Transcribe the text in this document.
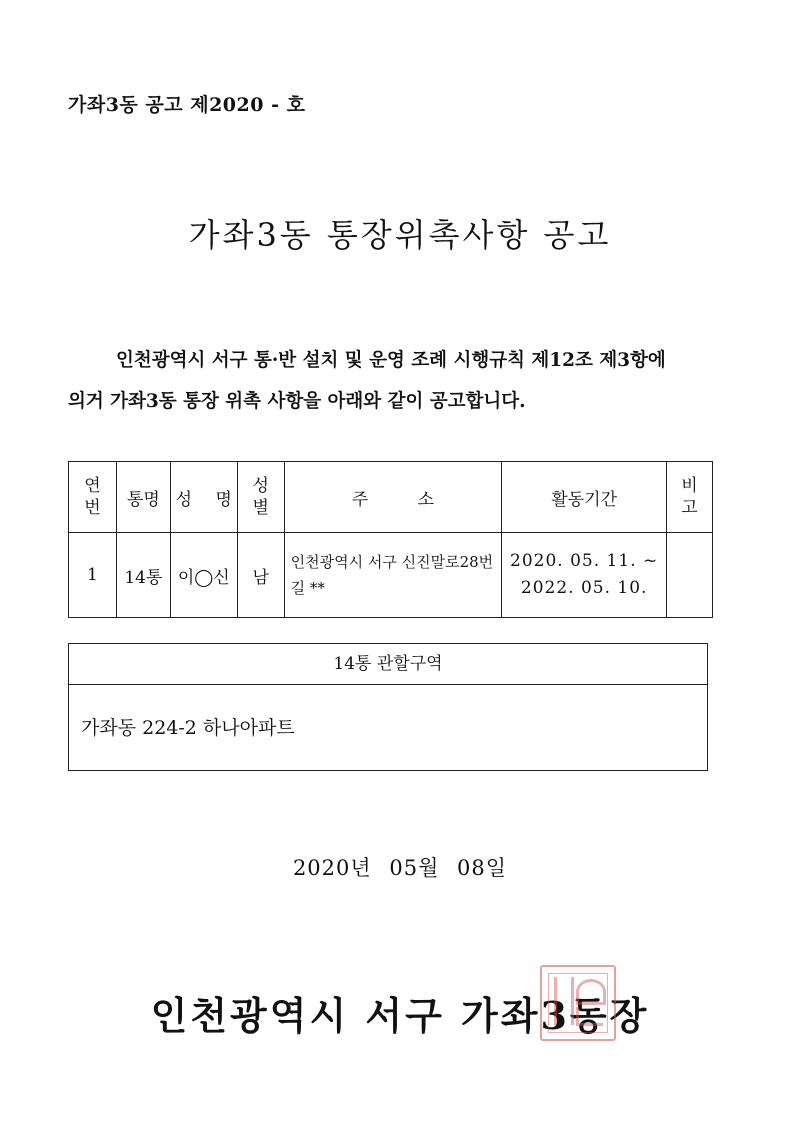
가좌3동 공고 제2020 - 호
가좌3동 통장위촉사항 공고
인천광역시 서구 통·반 설치 및 운영 조례 시행규칙 제12조 제3항에
의거 가좌3동 통장 위촉 사항을 아래와 같이 공고합니다.
연번	통명	성 명	성별	주 소	활동기간	비고
1	14통	이◯신	남	인천광역시 서구 신진말로28번길 **	2020. 05. 11. ~
2022. 05. 10.	

14통 관할구역
가좌동 224-2 하나아파트
2020년 05월 08일
인천광역시 서구 가좌3동장
